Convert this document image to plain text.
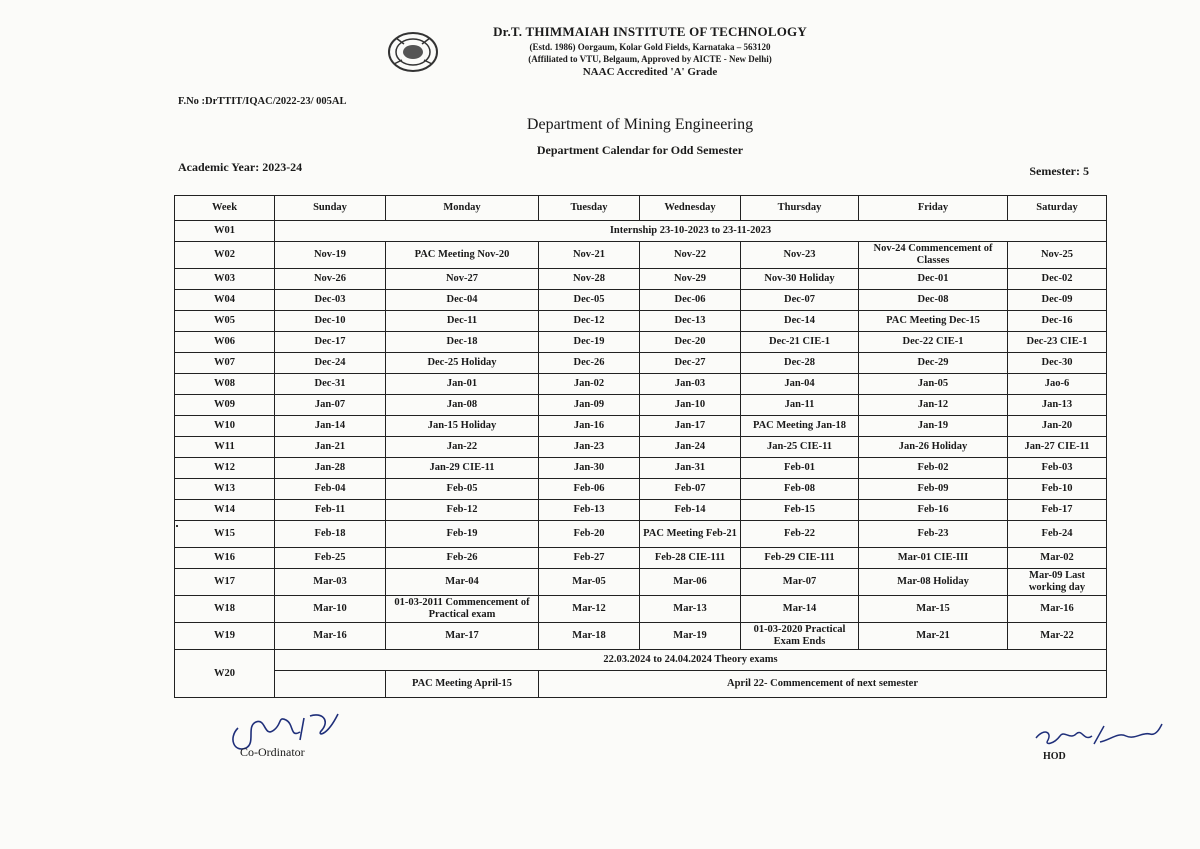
Dr.T. THIMMAIAH INSTITUTE OF TECHNOLOGY
(Estd. 1986) Oorgaum, Kolar Gold Fields, Karnataka – 563120
(Affiliated to VTU, Belgaum, Approved by AICTE - New Delhi)
NAAC Accredited 'A' Grade
F.No :DrTTIT/IQAC/2022-23/ 005AL
Department of Mining Engineering
Department Calendar for Odd Semester
Academic Year: 2023-24	Semester: 5
Week	Sunday	Monday	Tuesday	Wednesday	Thursday	Friday	Saturday
W01	Internship 23-10-2023 to 23-11-2023						
W02	Nov-19	PAC Meeting Nov-20	Nov-21	Nov-22	Nov-23	Nov-24 Commencement of Classes	Nov-25
W03	Nov-26	Nov-27	Nov-28	Nov-29	Nov-30 Holiday	Dec-01	Dec-02
W04	Dec-03	Dec-04	Dec-05	Dec-06	Dec-07	Dec-08	Dec-09
W05	Dec-10	Dec-11	Dec-12	Dec-13	Dec-14	PAC Meeting Dec-15	Dec-16
W06	Dec-17	Dec-18	Dec-19	Dec-20	Dec-21 CIE-1	Dec-22 CIE-1	Dec-23 CIE-1
W07	Dec-24	Dec-25 Holiday	Dec-26	Dec-27	Dec-28	Dec-29	Dec-30
W08	Dec-31	Jan-01	Jan-02	Jan-03	Jan-04	Jan-05	Jao-6
W09	Jan-07	Jan-08	Jan-09	Jan-10	Jan-11	Jan-12	Jan-13
W10	Jan-14	Jan-15 Holiday	Jan-16	Jan-17	PAC Meeting Jan-18	Jan-19	Jan-20
W11	Jan-21	Jan-22	Jan-23	Jan-24	Jan-25 CIE-11	Jan-26 Holiday	Jan-27 CIE-11
W12	Jan-28	Jan-29 CIE-11	Jan-30	Jan-31	Feb-01	Feb-02	Feb-03
W13	Feb-04	Feb-05	Feb-06	Feb-07	Feb-08	Feb-09	Feb-10
W14	Feb-11	Feb-12	Feb-13	Feb-14	Feb-15	Feb-16	Feb-17
W15	Feb-18	Feb-19	Feb-20	PAC Meeting Feb-21	Feb-22	Feb-23	Feb-24
W16	Feb-25	Feb-26	Feb-27	Feb-28 CIE-111	Feb-29 CIE-111	Mar-01 CIE-III	Mar-02
W17	Mar-03	Mar-04	Mar-05	Mar-06	Mar-07	Mar-08 Holiday	Mar-09 Last working day
W18	Mar-10	01-03-2011 Commencement of Practical exam	Mar-12	Mar-13	Mar-14	Mar-15	Mar-16
W19	Mar-16	Mar-17	Mar-18	Mar-19	01-03-2020 Practical Exam Ends	Mar-21	Mar-22
W20	22.03.2024 to 24.04.2024 Theory exams						
		PAC Meeting April-15	April 22- Commencement of next semester				
Co-Ordinator	HOD
